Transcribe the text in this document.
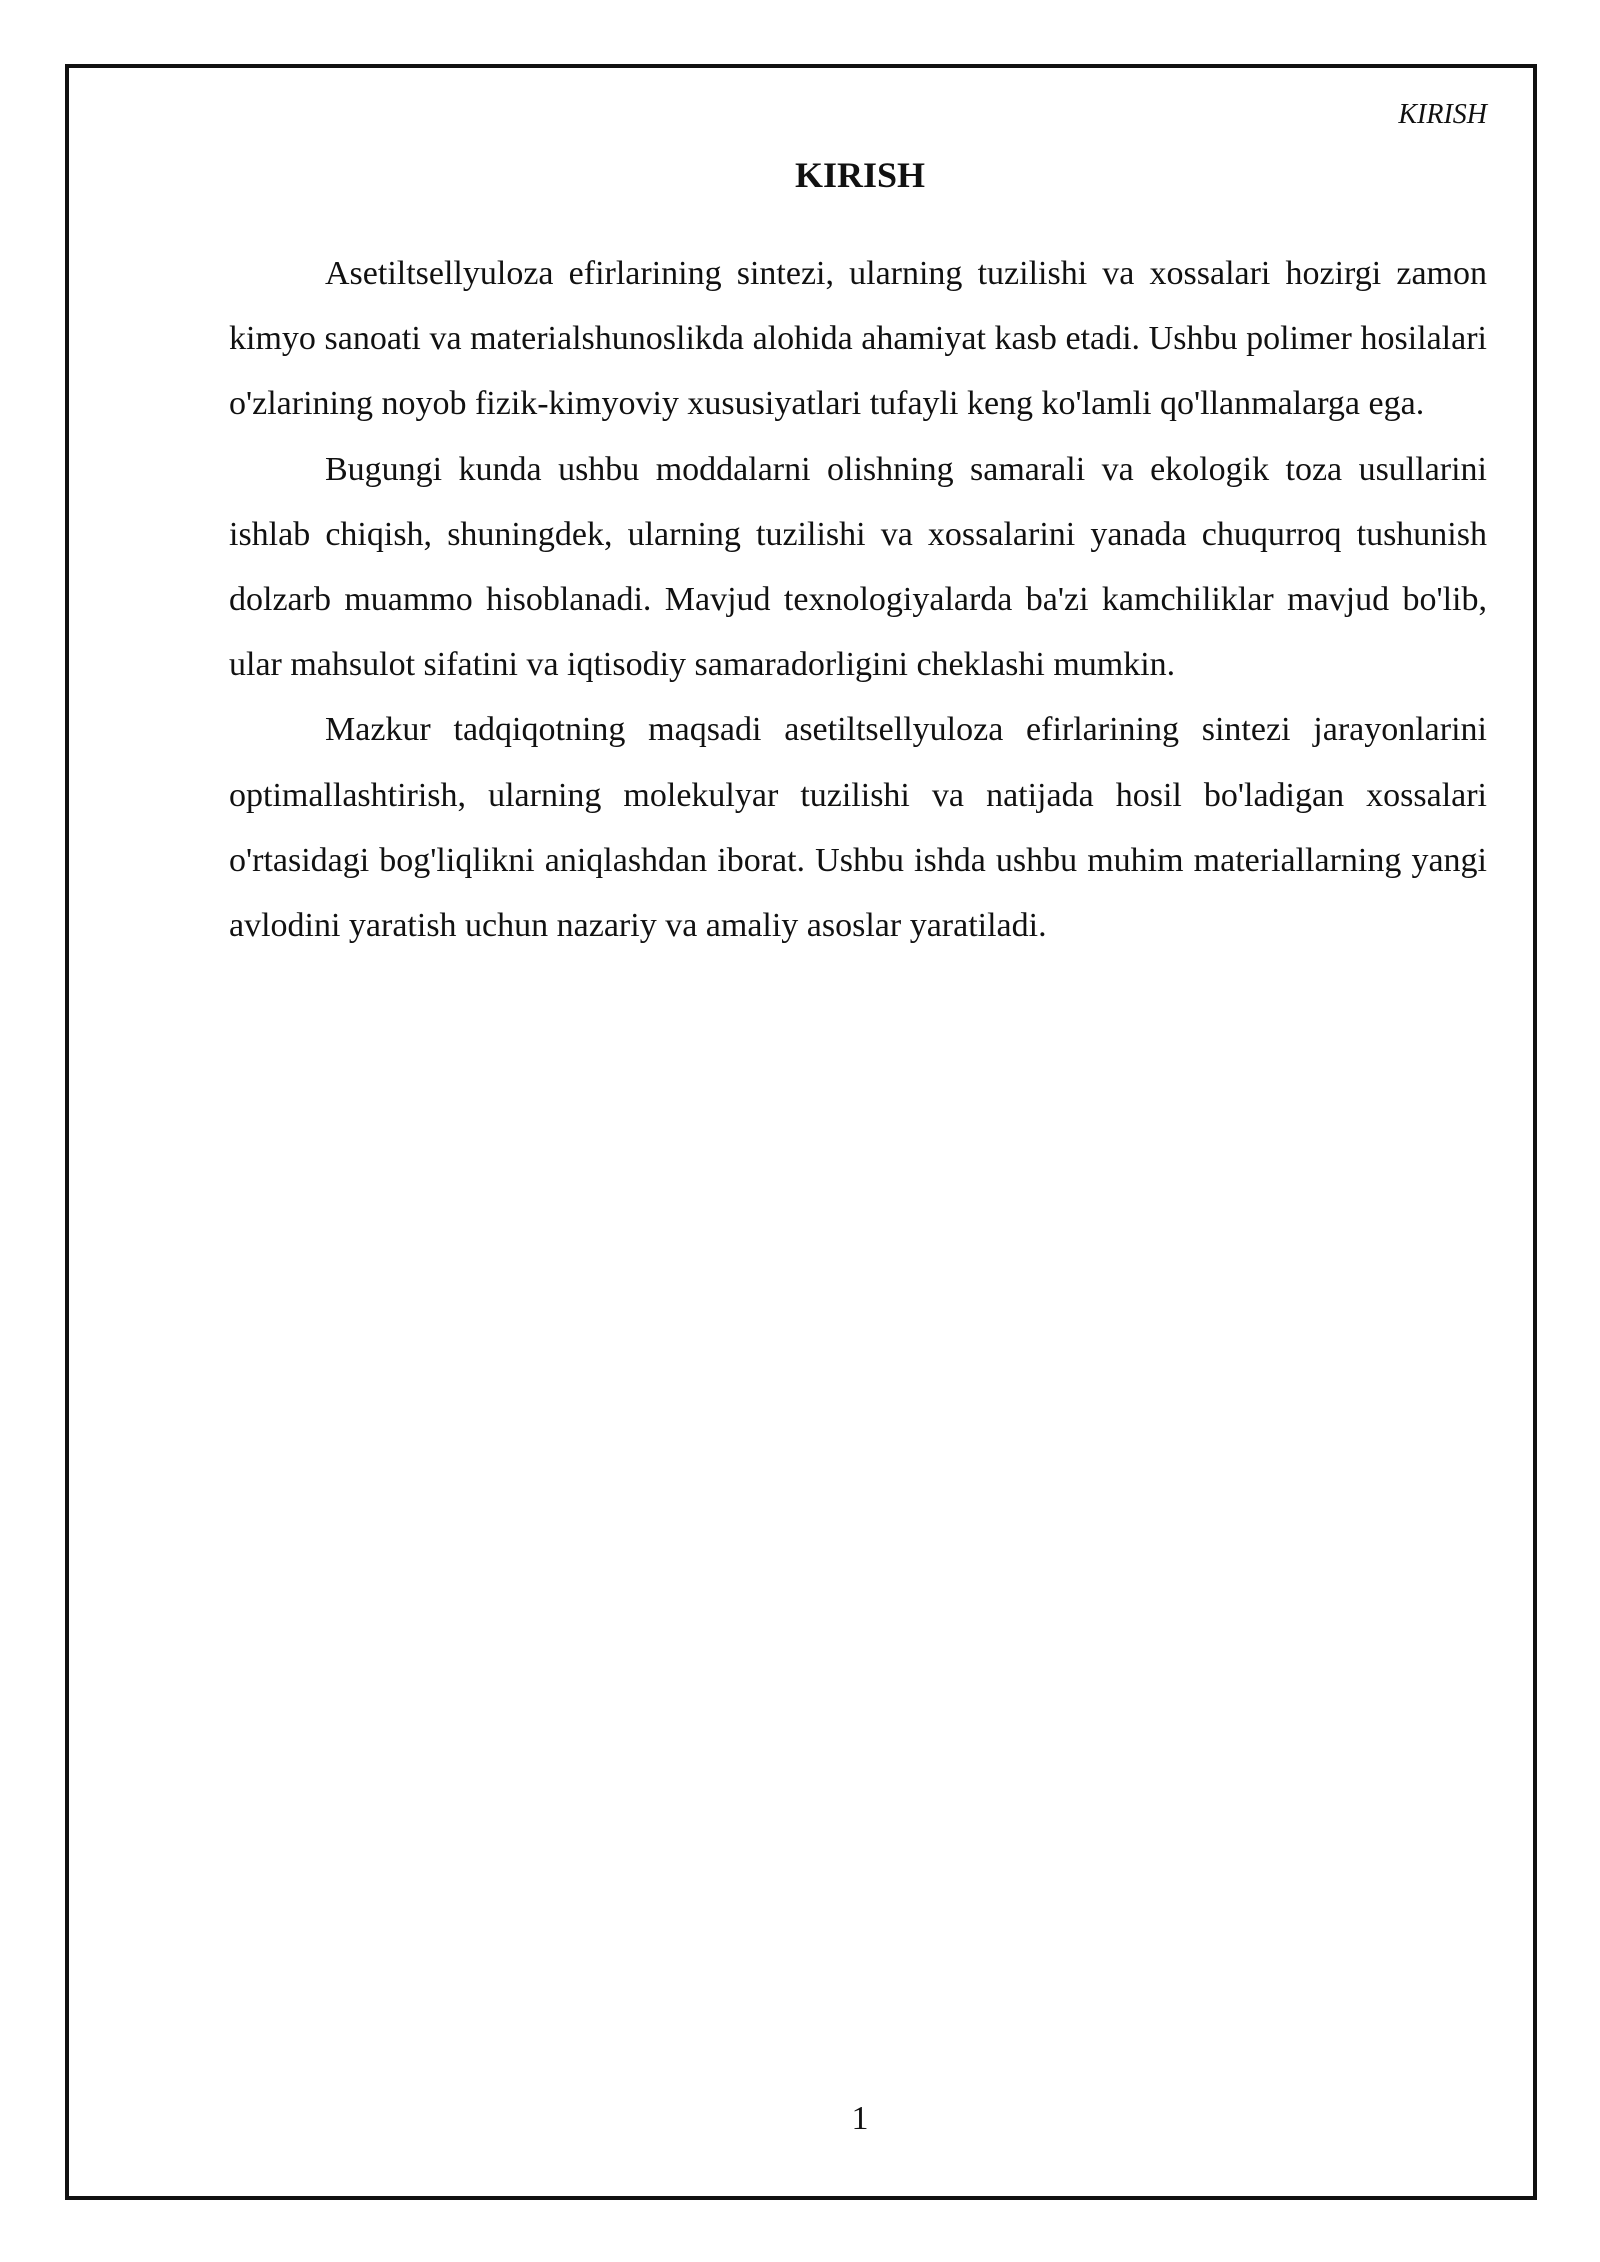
KIRISH
KIRISH

Asetiltsellyuloza efirlarining sintezi, ularning tuzilishi va xossalari hozirgi zamon kimyo sanoati va materialshunoslikda alohida ahamiyat kasb etadi. Ushbu polimer hosilalari o'zlarining noyob fizik-kimyoviy xususiyatlari tufayli keng ko'lamli qo'llanmalarga ega.

Bugungi kunda ushbu moddalarni olishning samarali va ekologik toza usullarini ishlab chiqish, shuningdek, ularning tuzilishi va xossalarini yanada chuqurroq tushunish dolzarb muammo hisoblanadi. Mavjud texnologiyalarda ba'zi kamchiliklar mavjud bo'lib, ular mahsulot sifatini va iqtisodiy samaradorligini cheklashi mumkin.

Mazkur tadqiqotning maqsadi asetiltsellyuloza efirlarining sintezi jarayonlarini optimallashtirish, ularning molekulyar tuzilishi va natijada hosil bo'ladigan xossalari o'rtasidagi bog'liqlikni aniqlashdan iborat. Ushbu ishda ushbu muhim materiallarning yangi avlodini yaratish uchun nazariy va amaliy asoslar yaratiladi.

1
